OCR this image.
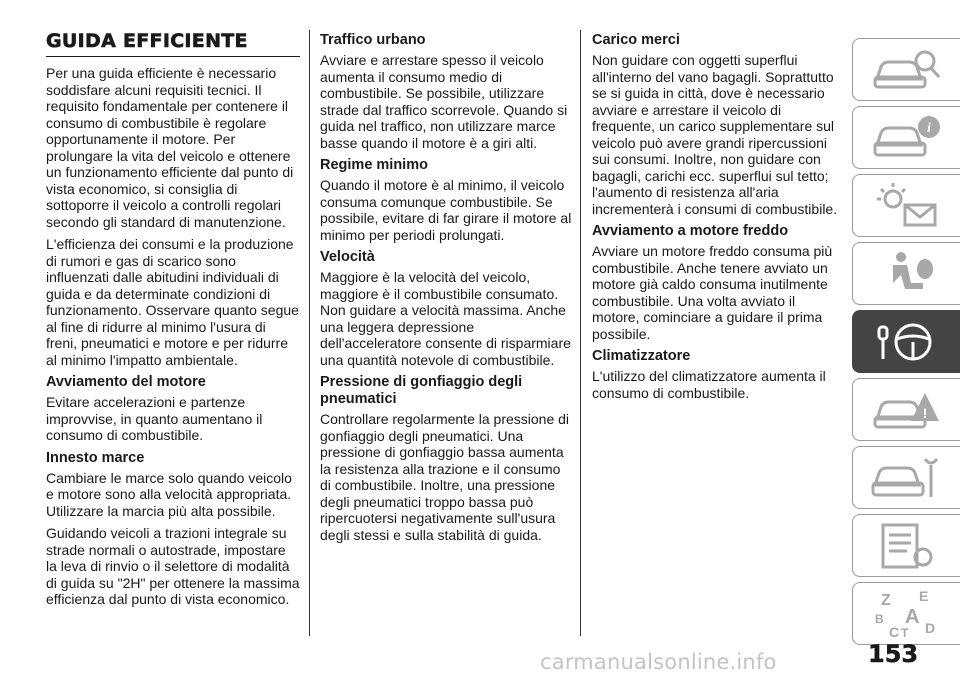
GUIDA EFFICIENTE

Per una guida efficiente è necessario soddisfare alcuni requisiti tecnici. Il requisito fondamentale per contenere il consumo di combustibile è regolare opportunamente il motore. Per prolungare la vita del veicolo e ottenere un funzionamento efficiente dal punto di vista economico, si consiglia di sottoporre il veicolo a controlli regolari secondo gli standard di manutenzione.

L'efficienza dei consumi e la produzione di rumori e gas di scarico sono influenzati dalle abitudini individuali di guida e da determinate condizioni di funzionamento. Osservare quanto segue al fine di ridurre al minimo l'usura di freni, pneumatici e motore e per ridurre al minimo l'impatto ambientale.

Avviamento del motore

Evitare accelerazioni e partenze improvvise, in quanto aumentano il consumo di combustibile.

Innesto marce

Cambiare le marce solo quando veicolo e motore sono alla velocità appropriata. Utilizzare la marcia più alta possibile.

Guidando veicoli a trazioni integrale su strade normali o autostrade, impostare la leva di rinvio o il selettore di modalità di guida su "2H" per ottenere la massima efficienza dal punto di vista economico.

Traffico urbano

Avviare e arrestare spesso il veicolo aumenta il consumo medio di combustibile. Se possibile, utilizzare strade dal traffico scorrevole. Quando si guida nel traffico, non utilizzare marce basse quando il motore è a giri alti.

Regime minimo

Quando il motore è al minimo, il veicolo consuma comunque combustibile. Se possibile, evitare di far girare il motore al minimo per periodi prolungati.

Velocità

Maggiore è la velocità del veicolo, maggiore è il combustibile consumato. Non guidare a velocità massima. Anche una leggera depressione dell'acceleratore consente di risparmiare una quantità notevole di combustibile.

Pressione di gonfiaggio degli pneumatici

Controllare regolarmente la pressione di gonfiaggio degli pneumatici. Una pressione di gonfiaggio bassa aumenta la resistenza alla trazione e il consumo di combustibile. Inoltre, una pressione degli pneumatici troppo bassa può ripercuotersi negativamente sull'usura degli stessi e sulla stabilità di guida.

Carico merci

Non guidare con oggetti superflui all'interno del vano bagagli. Soprattutto se si guida in città, dove è necessario avviare e arrestare il veicolo di frequente, un carico supplementare sul veicolo può avere grandi ripercussioni sui consumi. Inoltre, non guidare con bagagli, carichi ecc. superflui sul tetto; l'aumento di resistenza all'aria incrementerà i consumi di combustibile.

Avviamento a motore freddo

Avviare un motore freddo consuma più combustibile. Anche tenere avviato un motore già caldo consuma inutilmente combustibile. Una volta avviato il motore, cominciare a guidare il prima possibile.

Climatizzatore

L'utilizzo del climatizzatore aumenta il consumo di combustibile.

i
!
Z E
B A
C T D
carmanualsonline.info	153
